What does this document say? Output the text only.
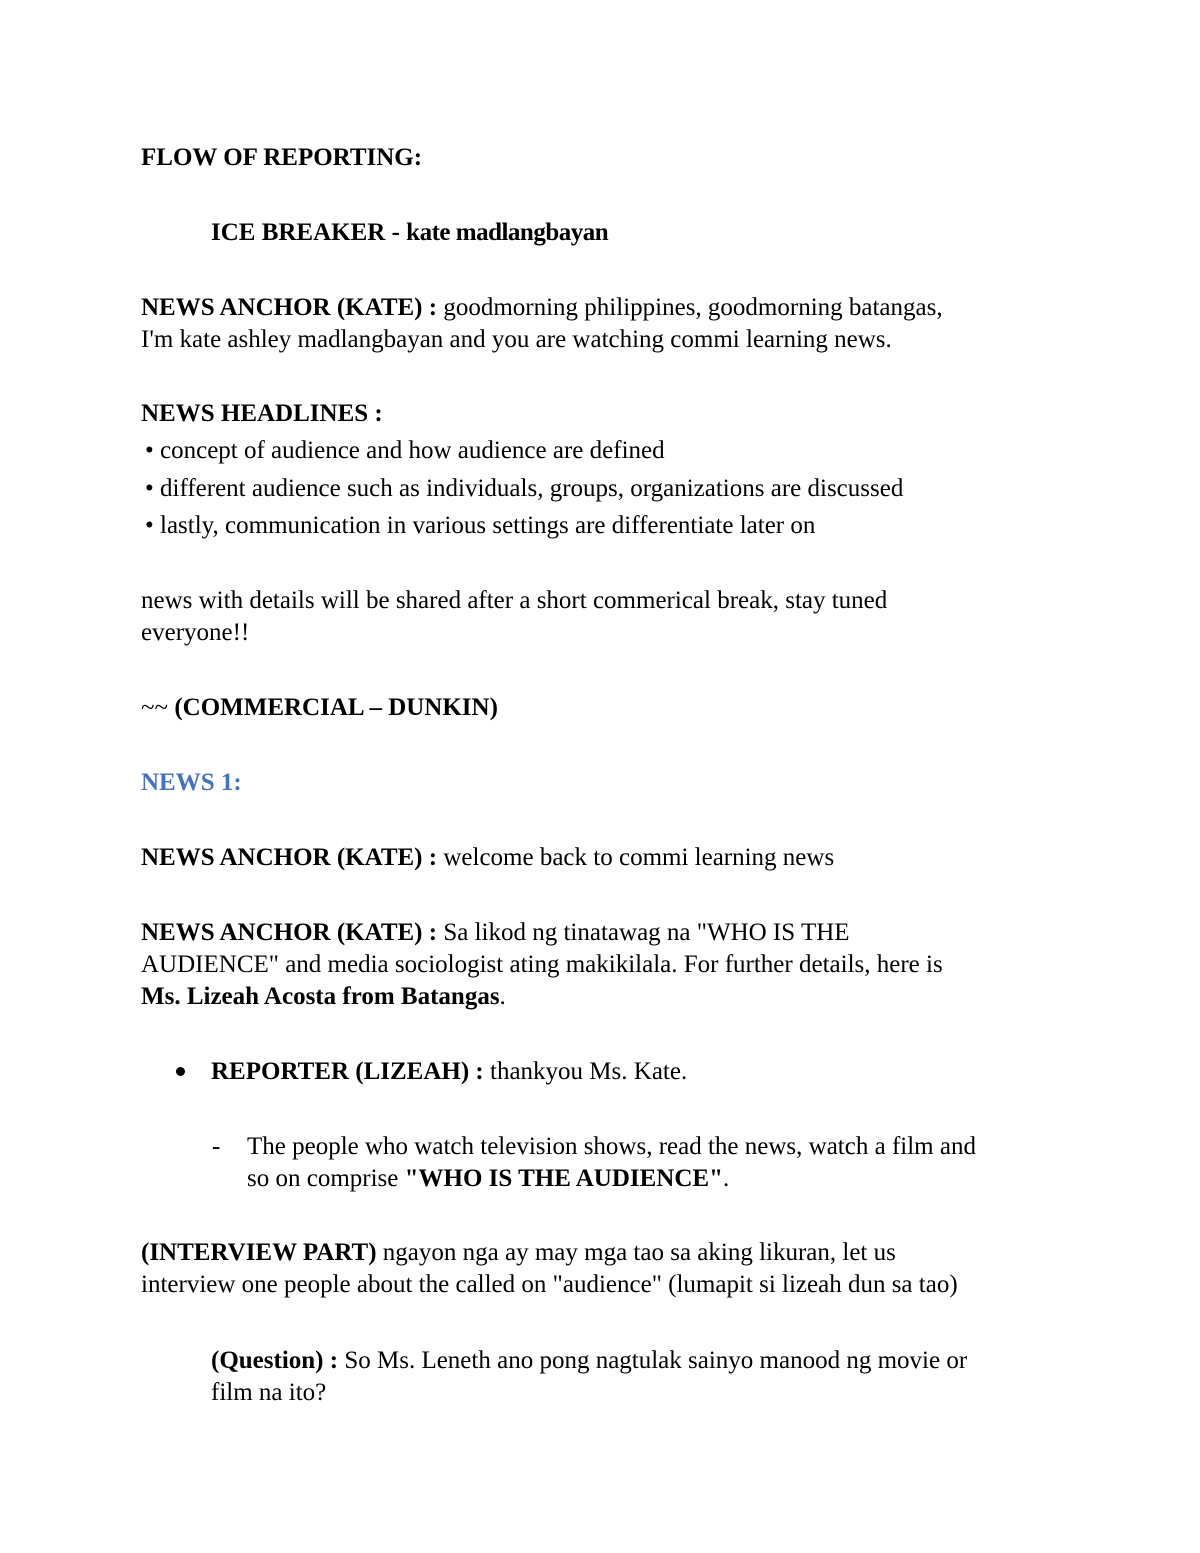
FLOW OF REPORTING:
ICE BREAKER - kate madlangbayan
NEWS ANCHOR (KATE) : goodmorning philippines, goodmorning batangas,
I'm kate ashley madlangbayan and you are watching commi learning news.
NEWS HEADLINES :
• concept of audience and how audience are defined
• different audience such as individuals, groups, organizations are discussed
• lastly, communication in various settings are differentiate later on
news with details will be shared after a short commerical break, stay tuned
everyone!!
~~ (COMMERCIAL – DUNKIN)
NEWS 1:
NEWS ANCHOR (KATE) : welcome back to commi learning news
NEWS ANCHOR (KATE) : Sa likod ng tinatawag na "WHO IS THE
AUDIENCE" and media sociologist ating makikilala. For further details, here is
Ms. Lizeah Acosta from Batangas.
REPORTER (LIZEAH) : thankyou Ms. Kate.
- The people who watch television shows, read the news, watch a film and
so on comprise "WHO IS THE AUDIENCE".
(INTERVIEW PART) ngayon nga ay may mga tao sa aking likuran, let us
interview one people about the called on "audience" (lumapit si lizeah dun sa tao)
(Question) : So Ms. Leneth ano pong nagtulak sainyo manood ng movie or
film na ito?
